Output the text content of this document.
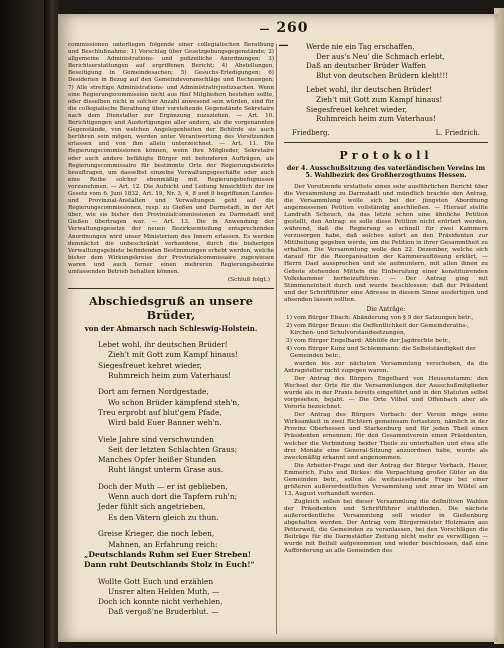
— 260 —

commissionen unterliegen folgende einer collegialischen Berathung und Beschlußnahme: 1) Vorschlag über Gesetzgebungsgegenstände; 2) allgemeine Administrations- und polizeiliche Anordnungen; 3) Berichtserstattungen auf ergriffenen Bericht; 4) Abstellungen, Beseitigung in Gemeindesachen; 5) Gesuchs-Erledigungen; 6) Desiderien in Bezug auf den Gemeindevoranschläge und Rechnungen; 7) Alle streitige Administrations- und Administrativjustizsachen. Wenn eine Regierungscommission nicht aus fünf Mitgliedern bestehen sollte, oder dieselben nicht in solcher Anzahl anwesend sein würden, sind für die collegialische Berathung über vorstehende Gegenstände Sekretaire nach dem Dienstalter zur Ergänzung zuzuziehen. — Art. 10. Berichtigungen und Ausfertigungen aller andern, als die vorgenannten Gegenstände, von welchen Angelegenheiten der Behörde sie auch berühren sein mögen, werden unter Verantwortung des Vorsitzenden erlassen und von ihm allein unterzeichnet. — Art. 11. Die Regierungscommissionen können, wenn ihre Mitglieder, Sekretaire oder auch andere befähigte Bürger mit befonderen Aufträgen, als Regierungscommissaire für bestimmte Orte der Regierungsbezirks beauftragen, um dasselbst einzelne Verwaltungsgeschäfte oder auch eine Reihe solcher ebenmäßig mit Regierungsbefugnissen vorzunehmen. — Art. 12. Die Aufsicht und Leitung hinsichtlich der im Gesetz vom 6. Juni 1832, Art. 19, Nr. 3, 4, 8 und 9 begriffenen Landes- und Provinzial-Anstalten und Verwaltungen geht auf die Regierungscommissionen, resp. zu Gießen und Darmstadt, in der Art über, wie sie bisher den Provinzialcommissionen zu Darmstadt und Gießen übertragen war. — Art. 13. Die in Anwendung der Verwaltungsgesetze der neuen Bezirkseinteilung entsprechenden Anordnungen wird unser Ministerium des Innern erlassen. Es werden demnächst die unbeschränkt vorhandene, durch die bisherigen Verwaltungsgebiete befindenden Bestimmungen erhebt werden, welche bisher dem Wirkungskreise der Provinzialcommissaire zugewiesen waren und auch ferner einen mehreren Regierungsbezirke umfassenden Betrieb behalten können.

(Schluß folgt.)

Abschiedsgruß an unsere Brüder,
von der Abmarsch nach Schleswig-Holstein.

Lebet wohl, ihr deutschen Brüder!

Zieh't mit Gott zum Kampf hinaus!

Siegesfreuet kehret wieder,

Ruhmreich heim zum Vaterhaus!

Dort am fernen Nordgestade,

Wo schon Brüder kämpfend steh'n,

Treu erprobt auf blut'gem Pfade,

Wird bald Euer Banner weh'n.

Viele Jahre sind verschwunden

Seit der letzten Schlachten Graus;

Manches Opfer heißer Stunden

Ruht längst unterm Grase aus.

Doch der Muth — er ist geblieben,

Wenn auch dort die Tapfern ruh'n;

Jeder fühlt sich angetrieben,

Es den Vätern gleich zu thun.

Greise Krieger, die noch leben,

Mahnen, an Erfahrung reich:

„Deutschlands Ruhm sei Euer Streben!

Dann ruht Deutschlands Stolz in Euch!"

Wollte Gott Euch und erzählen

Unsrer alten Helden Muth, —

Doch ich konnte nicht verhehlen,

Daß vergoß'ne Bruderblut. —

Werde nie ein Tag erschaffen,

Der aus's Neu' die Schmach erlebt,

Daß an deutscher Brüder Waffen

Blut von deutschen Brüdern klebt!!!

Lebet wohl, ihr deutschen Brüder!

Zieh't mit Gott zum Kampf hinaus!

Siegesfreuet kehret wieder,

Ruhmreich heim zum Vaterhaus!

Friedberg.	L. Friedrich.
Protokoll
der 4. Ausschußsitzung des vaterländischen Vereins im 5. Wahlbezirk des Großherzogthums Hessen.

Der Vorsitzende erstattete einen sehr ausführlichen Bericht über die Versammlung zu Darmstadt und mündlich brachte den Antrag, die Versammlung wolle sich bei der jüngsten Abordnung angemessenen Petition vollständig anschließen. — Hierauf stellte Landrath Scheuch, da das letzte schon eine ähnliche Petition gestellt, den Antrag: es solle diese Petition nicht erörtert werden, während, daß die Regierung so schnell für zwei Kammern vorzusorgen habe, daß solches sofort an den Präsidenten zur Mittheilung gegeben werde, um die Petition in ihrer Gesammtheit zu erhalten. Die Versammlung wolle den 22. Dezember, welche sich darauf für die Reorganisation der Kammerauflösung erklärt, — Herrn Dael aussprechen und sie aufmuntern, mit allen ihnen zu Gebote stehenden Mitteln die Einberufung einer konstituirenden Volkskammer herbeizuführen. — Der Antrag ging mit Stimmeneinheit durch und wurde beschlossen: daß der Präsident und der Schriftführer eine Adresse in diesem Sinne ausfertigen und absenden lassen sollten.

Die Anträge:

1) vom Bürger Ebach: Abänderung von § 9 der Satzungen betr.,

2) vom Bürger Braun: die Oeffentlichkeit der Gemeinderaths-, Kirchen- und Schulvorstandssitzungen,

3) vom Bürger Engelhard: Abhülfe der Jagdrechte betr.,

4) vom Bürger Kunz und Schlemmann: die Selbstständigkeit der Gemeinden betr.,

wurden bis zur nächsten Versammlung verschoben, da die Antragsteller nicht zugegen waren.

Der Antrag des Bürgers Engelhard von Heusenstamm: den Wechsel der Orte für die Versammlungen der Ausschußmitglieder wurde als in der Praxis bereits eingeführt und in den Statuten selbst vorgesehen, bejaht. — Die Orte Vilbel und Offenbach aber als Vororte bezeichnet.

Der Antrag des Bürgers Vorbach: der Verein möge seine Wirksamkeit in zwei Richtern gemeinsam fortsetzen, nämlich in der Provinz Oberhessen und Starkenburg und für jeden Theil einen Präsidenten ernennen; für den Gesammtverein einen Präsidenten, welcher die Verbindung beider Theile zu unterhalten und etwa alle drei Monate eine General-Sitzung anzuordnen habe, wurde als zweckmäßig erkannt und angenommen.

Die Arbeiter-Frage und der Antrag der Bürger Vorbach, Hauer, Emmerich, Fuhs und Bickes: die Verpachtung großer Güter an die Gemeinden betr., sollen als weitaussehende Frage bei einer größeren außerordentlichen Versammlung und zwar im Wildel am 13. August verhandelt werden.

Zugleich sollen bei dieser Versammlung die definitiven Wahlen der Präsidenten und Schriftführer stattfinden. Die nächste außerordentliche Versammlung soll wieder in Gießenburg abgehalten werden. Der Antrag vom Bürgermeister Holzmann aus Petterweil, die Gemeinden zu veranlassen, bei den Vorschlägen die Beiträge für die Darmstädter Zeitung nicht mehr zu verwilligen — wurde mit Beifall aufgenommen und wieder beschlossen, daß eine Aufforderung an alle Gemeinden des
